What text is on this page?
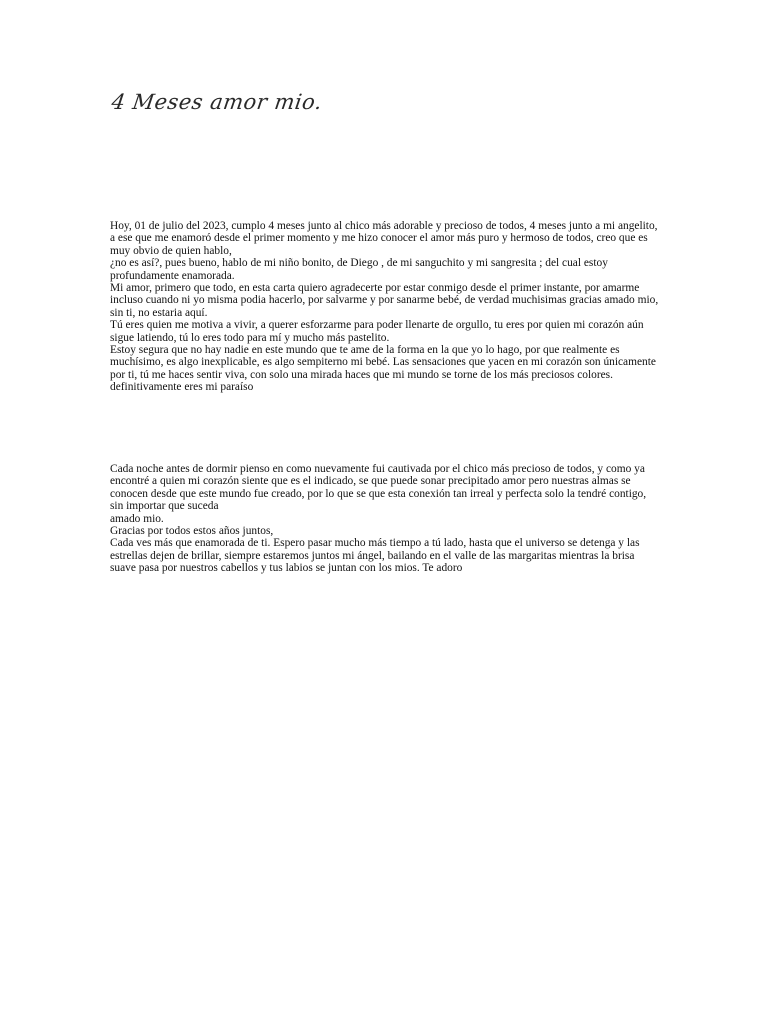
4 Meses amor mio.

Hoy, 01 de julio del 2023, cumplo 4 meses junto al chico más adorable y precioso de todos, 4 meses junto a mi angelito, a ese que me enamoró desde el primer momento y me hizo conocer el amor más puro y hermoso de todos, creo que es muy obvio de quien hablo,

¿no es así?, pues bueno, hablo de mi niño bonito, de Diego , de mi sanguchito y mi sangresita ; del cual estoy profundamente enamorada.

Mi amor, primero que todo, en esta carta quiero agradecerte por estar conmigo desde el primer instante, por amarme incluso cuando ni yo misma podia hacerlo, por salvarme y por sanarme bebé, de verdad muchisimas gracias amado mio, sin ti, no estaria aquí.

Tú eres quien me motiva a vivir, a querer esforzarme para poder llenarte de orgullo, tu eres por quien mi corazón aún sigue latiendo, tú lo eres todo para mí y mucho más pastelito.

Estoy segura que no hay nadie en este mundo que te ame de la forma en la que yo lo hago, por que realmente es muchísimo, es algo inexplicable, es algo sempiterno mi bebé. Las sensaciones que yacen en mi corazón son únicamente por ti, tú me haces sentir viva, con solo una mirada haces que mi mundo se torne de los más preciosos colores. definitivamente eres mi paraíso

Cada noche antes de dormir pienso en como nuevamente fui cautivada por el chico más precioso de todos, y como ya encontré a quien mi corazón siente que es el indicado, se que puede sonar precipitado amor pero nuestras almas se conocen desde que este mundo fue creado, por lo que se que esta conexión tan irreal y perfecta solo la tendré contigo, sin importar que suceda

amado mio.

Gracias por todos estos años juntos,

Cada ves más que enamorada de ti. Espero pasar mucho más tiempo a tú lado, hasta que el universo se detenga y las estrellas dejen de brillar, siempre estaremos juntos mi ángel, bailando en el valle de las margaritas mientras la brisa suave pasa por nuestros cabellos y tus labios se juntan con los mios. Te adoro
